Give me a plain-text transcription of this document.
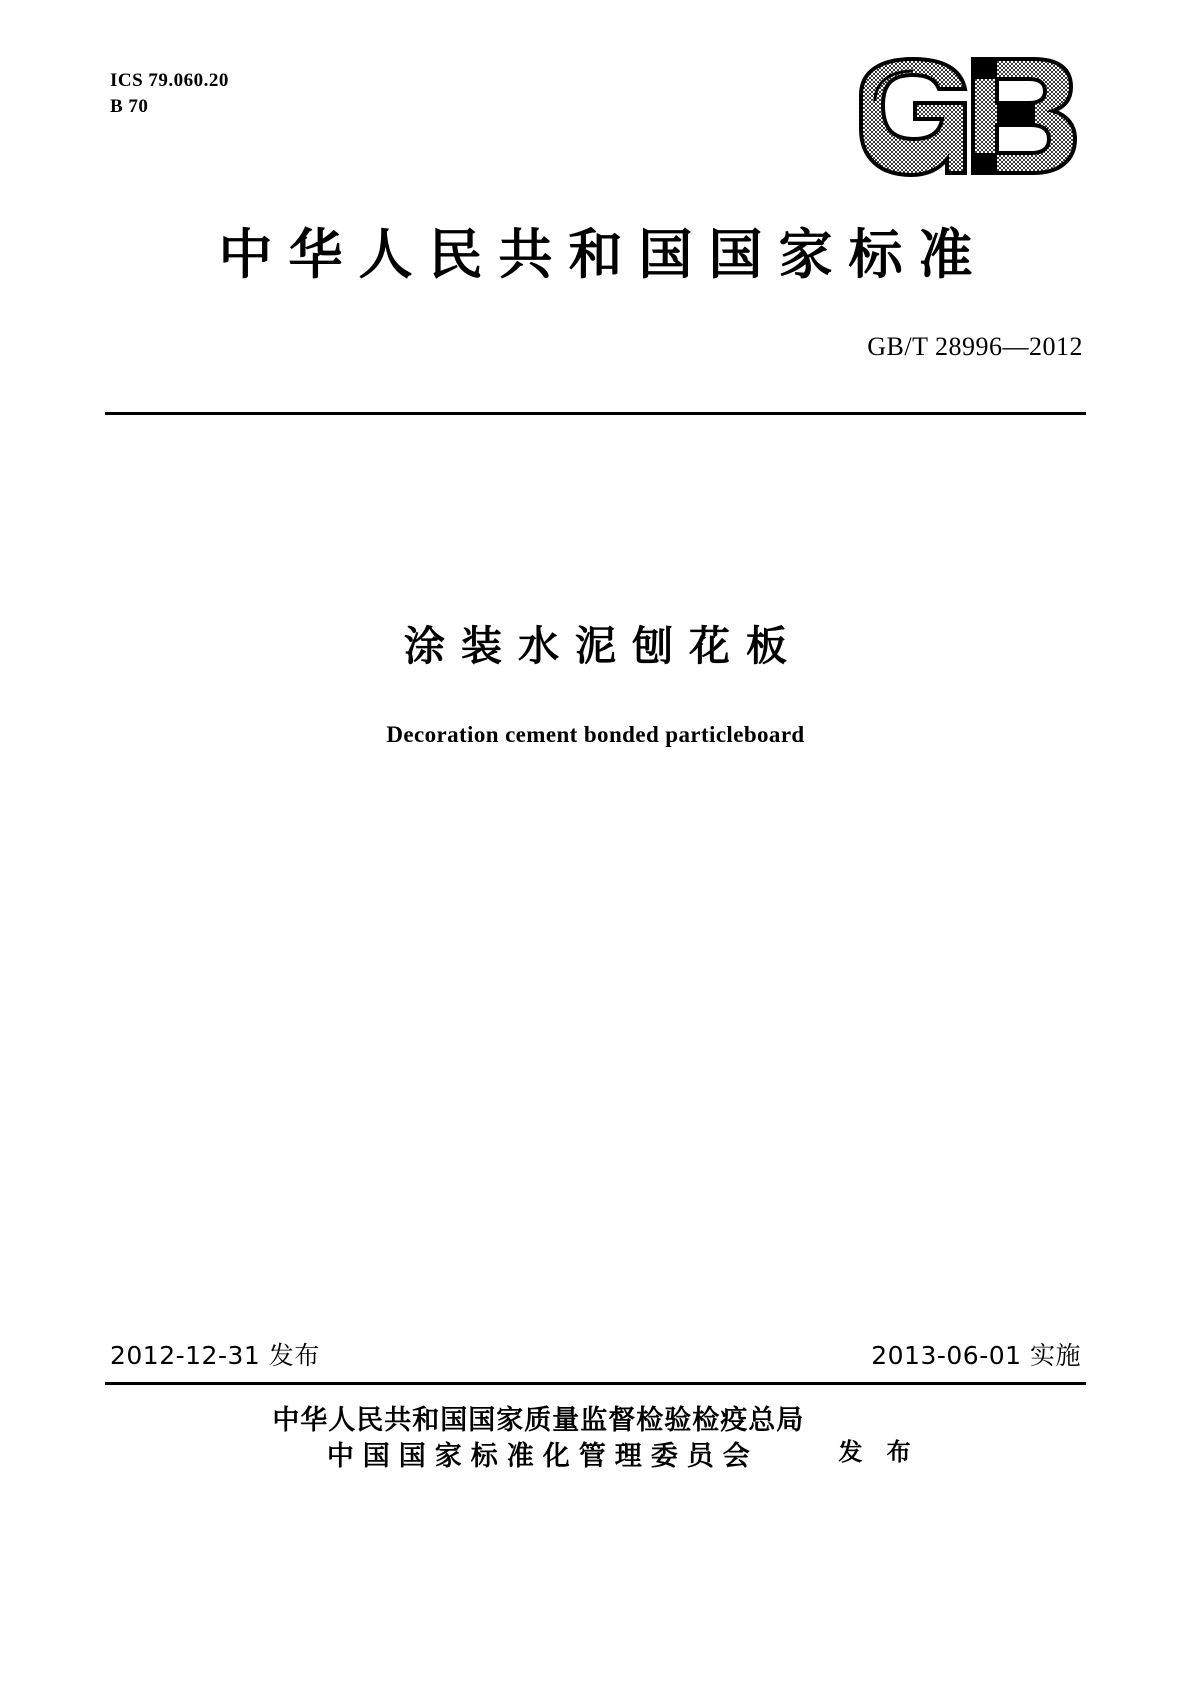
ICS 79.060.20
B 70
中华人民共和国国家标准
GB/T 28996—2012
涂装水泥刨花板
Decoration cement bonded particleboard
2012-12-31 发布	2013-06-01 实施
中华人民共和国国家质量监督检验检疫总局
中国国家标准化管理委员会	发 布
